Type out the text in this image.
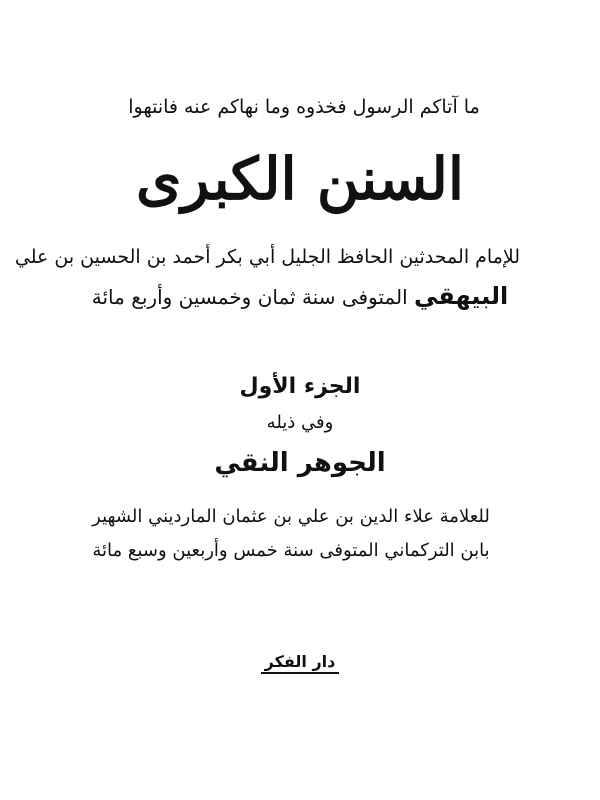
ما آتاكم الرسول فخذوه وما نهاكم عنه فانتهوا
السنن الكبرى
للإمام المحدثين الحافظ الجليل أبي بكر أحمد بن الحسين بن علي
البيهقي المتوفى سنة ثمان وخمسين وأربع مائة
الجزء الأول
وفي ذيله
الجوهر النقي
للعلامة علاء الدين بن علي بن عثمان المارديني الشهير
بابن التركماني المتوفى سنة خمس وأربعين وسبع مائة
دار الفكر
